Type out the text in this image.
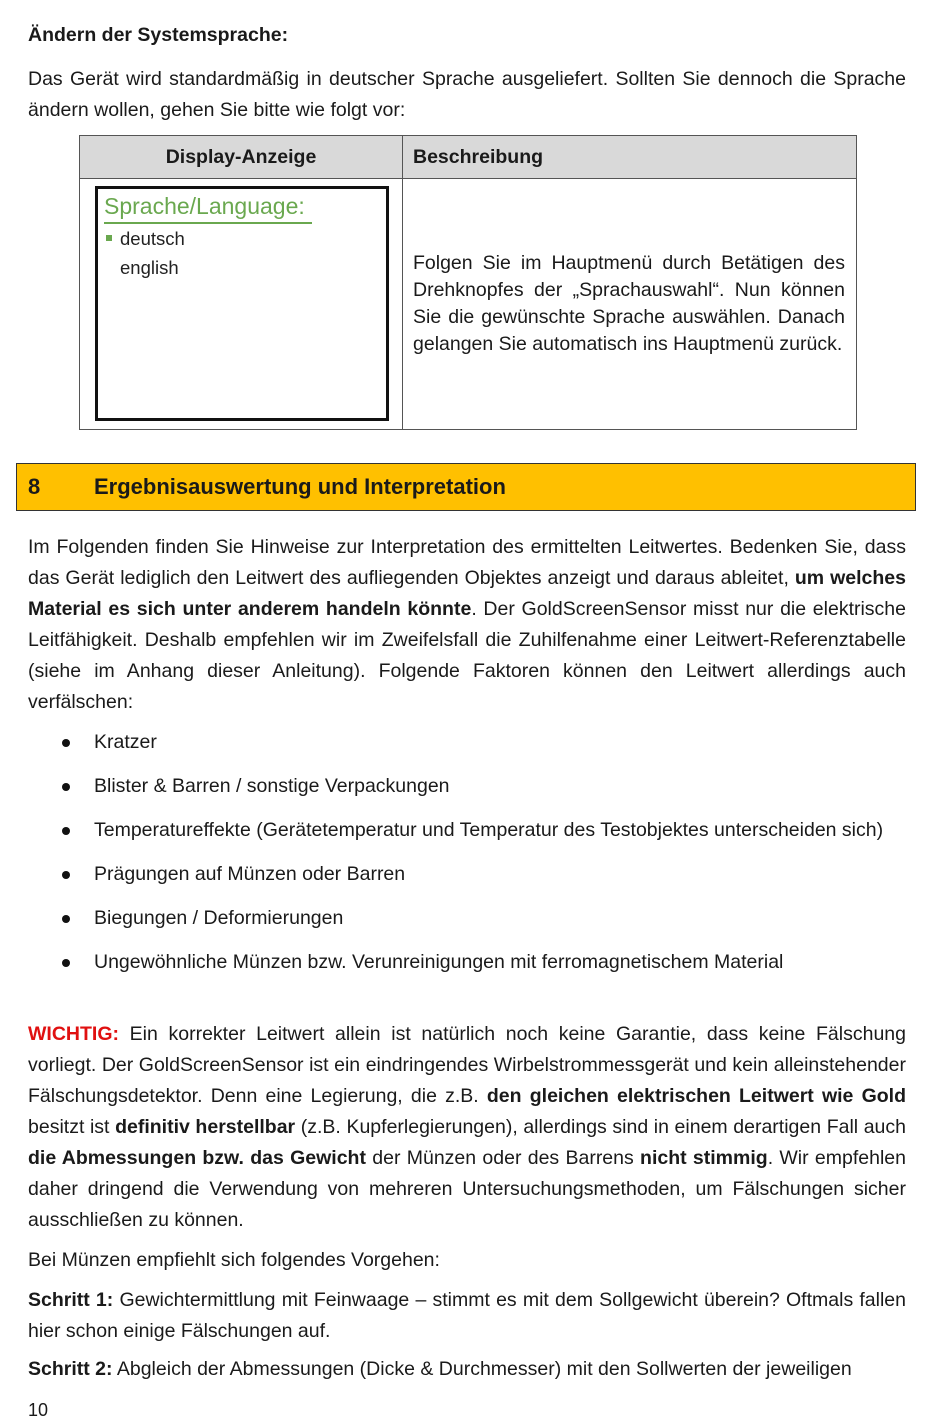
Ändern der Systemsprache:
Das Gerät wird standardmäßig in deutscher Sprache ausgeliefert. Sollten Sie dennoch die Sprache ändern wollen, gehen Sie bitte wie folgt vor:
Display-Anzeige	Beschreibung

Sprache/Language:
deutsch
english	Folgen Sie im Hauptmenü durch Betätigen des Drehknopfes der „Sprachauswahl“. Nun können Sie die gewünschte Sprache auswählen. Danach gelangen Sie automatisch ins Hauptmenü zurück.
8 Ergebnisauswertung und Interpretation
Im Folgenden finden Sie Hinweise zur Interpretation des ermittelten Leitwertes. Bedenken Sie, dass das Gerät lediglich den Leitwert des aufliegenden Objektes anzeigt und daraus ableitet, um welches Material es sich unter anderem handeln könnte. Der GoldScreenSensor misst nur die elektrische Leitfähigkeit. Deshalb empfehlen wir im Zweifelsfall die Zuhilfenahme einer Leitwert-Referenztabelle (siehe im Anhang dieser Anleitung). Folgende Faktoren können den Leitwert allerdings auch verfälschen:
Kratzer
Blister & Barren / sonstige Verpackungen
Temperatureffekte (Gerätetemperatur und Temperatur des Testobjektes unterscheiden sich)
Prägungen auf Münzen oder Barren
Biegungen / Deformierungen
Ungewöhnliche Münzen bzw. Verunreinigungen mit ferromagnetischem Material
WICHTIG: Ein korrekter Leitwert allein ist natürlich noch keine Garantie, dass keine Fälschung vorliegt. Der GoldScreenSensor ist ein eindringendes Wirbelstrommessgerät und kein alleinstehender Fälschungsdetektor. Denn eine Legierung, die z.B. den gleichen elektrischen Leitwert wie Gold besitzt ist definitiv herstellbar (z.B. Kupferlegierungen), allerdings sind in einem derartigen Fall auch die Abmessungen bzw. das Gewicht der Münzen oder des Barrens nicht stimmig. Wir empfehlen daher dringend die Verwendung von mehreren Untersuchungsmethoden, um Fälschungen sicher ausschließen zu können.
Bei Münzen empfiehlt sich folgendes Vorgehen:
Schritt 1: Gewichtermittlung mit Feinwaage – stimmt es mit dem Sollgewicht überein? Oftmals fallen hier schon einige Fälschungen auf.
Schritt 2: Abgleich der Abmessungen (Dicke & Durchmesser) mit den Sollwerten der jeweiligen
10
